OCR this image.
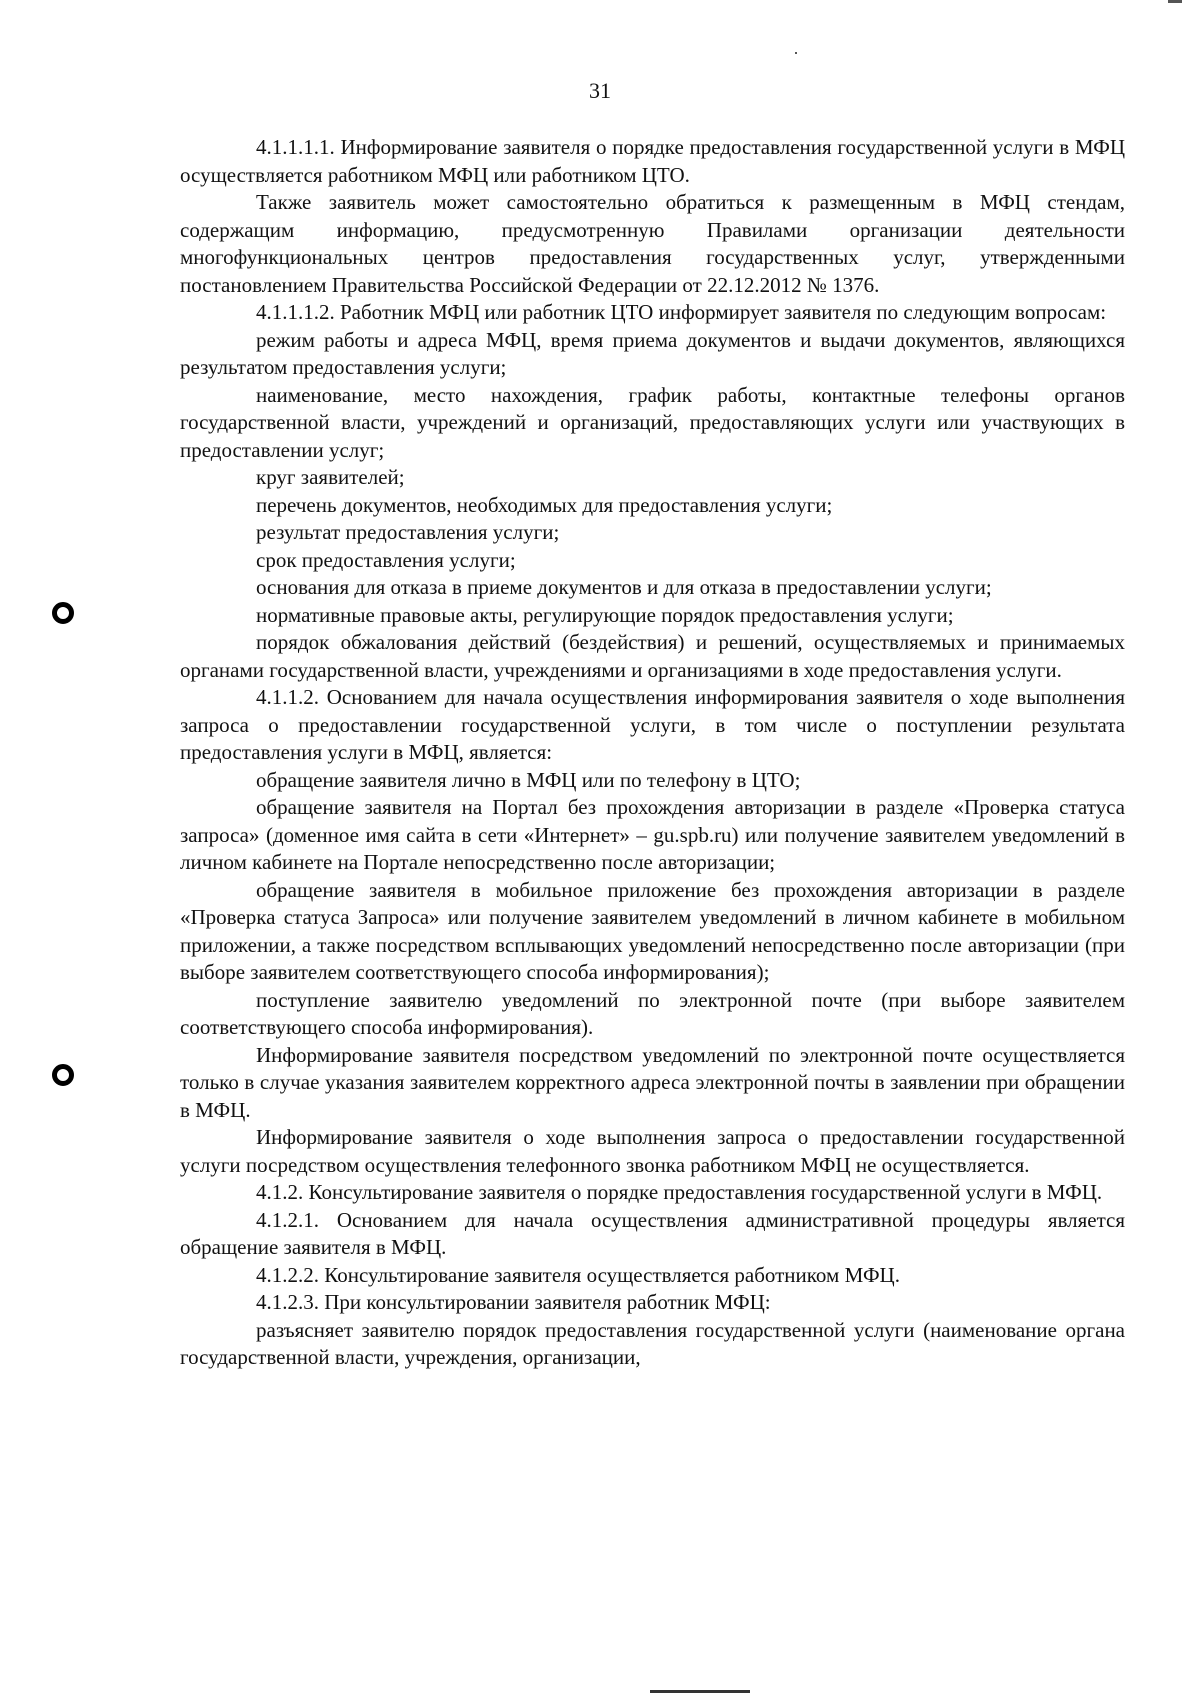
31

4.1.1.1.1. Информирование заявителя о порядке предоставления государственной услуги в МФЦ осуществляется работником МФЦ или работником ЦТО.

Также заявитель может самостоятельно обратиться к размещенным в МФЦ стендам, содержащим информацию, предусмотренную Правилами организации деятельности многофункциональных центров предоставления государственных услуг, утвержденными постановлением Правительства Российской Федерации от 22.12.2012 № 1376.

4.1.1.1.2. Работник МФЦ или работник ЦТО информирует заявителя по следующим вопросам:

режим работы и адреса МФЦ, время приема документов и выдачи документов, являющихся результатом предоставления услуги;

наименование, место нахождения, график работы, контактные телефоны органов государственной власти, учреждений и организаций, предоставляющих услуги или участвующих в предоставлении услуг;

круг заявителей;

перечень документов, необходимых для предоставления услуги;

результат предоставления услуги;

срок предоставления услуги;

основания для отказа в приеме документов и для отказа в предоставлении услуги;

нормативные правовые акты, регулирующие порядок предоставления услуги;

порядок обжалования действий (бездействия) и решений, осуществляемых и принимаемых органами государственной власти, учреждениями и организациями в ходе предоставления услуги.

4.1.1.2. Основанием для начала осуществления информирования заявителя о ходе выполнения запроса о предоставлении государственной услуги, в том числе о поступлении результата предоставления услуги в МФЦ, является:

обращение заявителя лично в МФЦ или по телефону в ЦТО;

обращение заявителя на Портал без прохождения авторизации в разделе «Проверка статуса запроса» (доменное имя сайта в сети «Интернет» – gu.spb.ru) или получение заявителем уведомлений в личном кабинете на Портале непосредственно после авторизации;

обращение заявителя в мобильное приложение без прохождения авторизации в разделе «Проверка статуса Запроса» или получение заявителем уведомлений в личном кабинете в мобильном приложении, а также посредством всплывающих уведомлений непосредственно после авторизации (при выборе заявителем соответствующего способа информирования);

поступление заявителю уведомлений по электронной почте (при выборе заявителем соответствующего способа информирования).

Информирование заявителя посредством уведомлений по электронной почте осуществляется только в случае указания заявителем корректного адреса электронной почты в заявлении при обращении в МФЦ.

Информирование заявителя о ходе выполнения запроса о предоставлении государственной услуги посредством осуществления телефонного звонка работником МФЦ не осуществляется.

4.1.2. Консультирование заявителя о порядке предоставления государственной услуги в МФЦ.

4.1.2.1. Основанием для начала осуществления административной процедуры является обращение заявителя в МФЦ.

4.1.2.2. Консультирование заявителя осуществляется работником МФЦ.

4.1.2.3. При консультировании заявителя работник МФЦ:

разъясняет заявителю порядок предоставления государственной услуги (наименование органа государственной власти, учреждения, организации,
